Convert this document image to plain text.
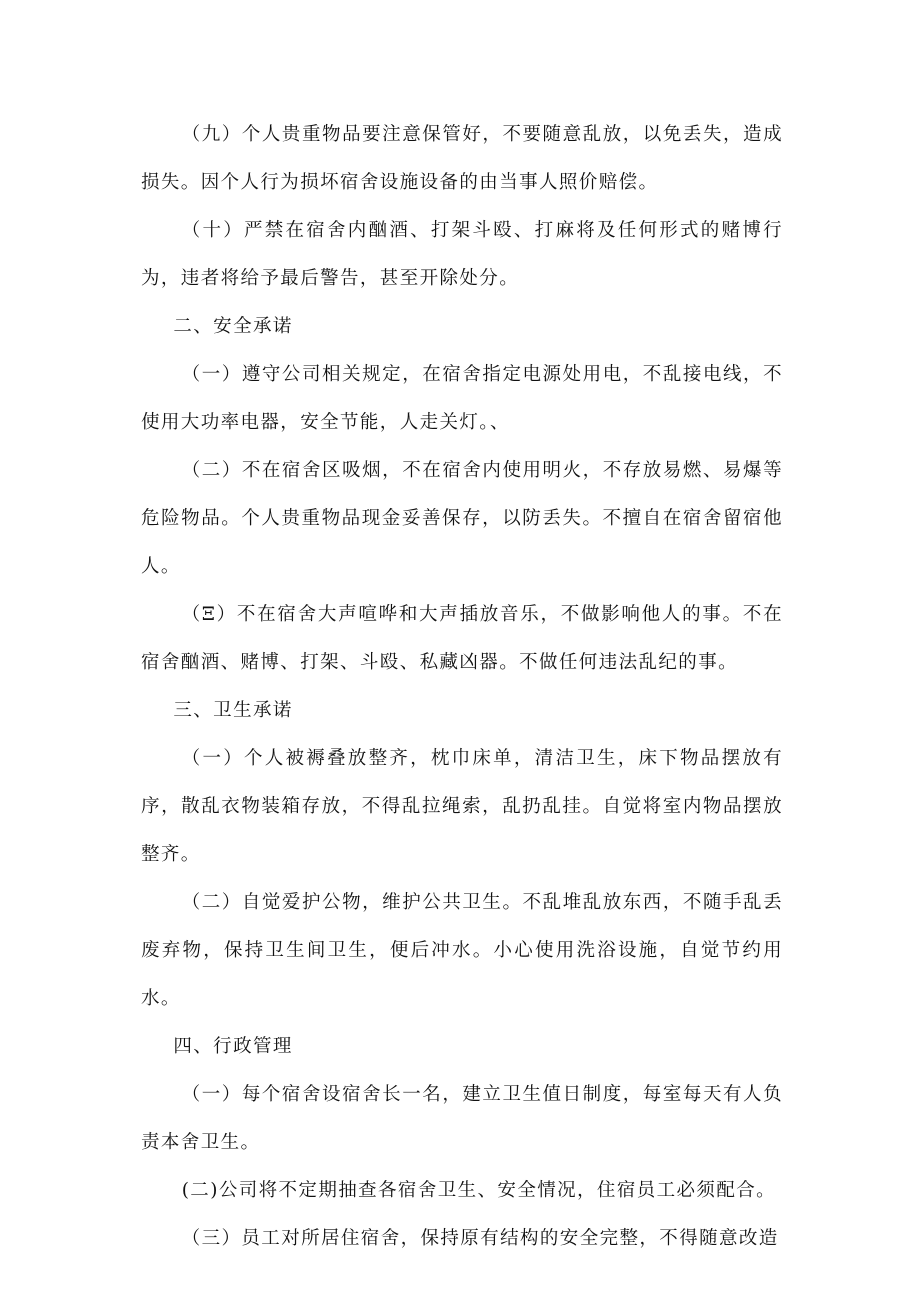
（九）个人贵重物品要注意保管好，不要随意乱放，以免丢失，造成损失。因个人行为损坏宿舍设施设备的由当事人照价赔偿。

（十）严禁在宿舍内酗酒、打架斗殴、打麻将及任何形式的赌博行为，违者将给予最后警告，甚至开除处分。

二、安全承诺

（一）遵守公司相关规定，在宿舍指定电源处用电，不乱接电线，不使用大功率电器，安全节能，人走关灯。、

（二）不在宿舍区吸烟，不在宿舍内使用明火，不存放易燃、易爆等危险物品。个人贵重物品现金妥善保存，以防丢失。不擅自在宿舍留宿他人。

（Ξ）不在宿舍大声喧哗和大声插放音乐，不做影响他人的事。不在宿舍酗酒、赌博、打架、斗殴、私藏凶器。不做任何违法乱纪的事。

三、卫生承诺

（一）个人被褥叠放整齐，枕巾床单，清洁卫生，床下物品摆放有序，散乱衣物装箱存放，不得乱拉绳索，乱扔乱挂。自觉将室内物品摆放整齐。

（二）自觉爱护公物，维护公共卫生。不乱堆乱放东西，不随手乱丢废弃物，保持卫生间卫生，便后冲水。小心使用洗浴设施，自觉节约用水。

四、行政管理

（一）每个宿舍设宿舍长一名，建立卫生值日制度，每室每天有人负责本舍卫生。

(二)公司将不定期抽查各宿舍卫生、安全情况，住宿员工必须配合。

（三）员工对所居住宿舍，保持原有结构的安全完整，不得随意改造
